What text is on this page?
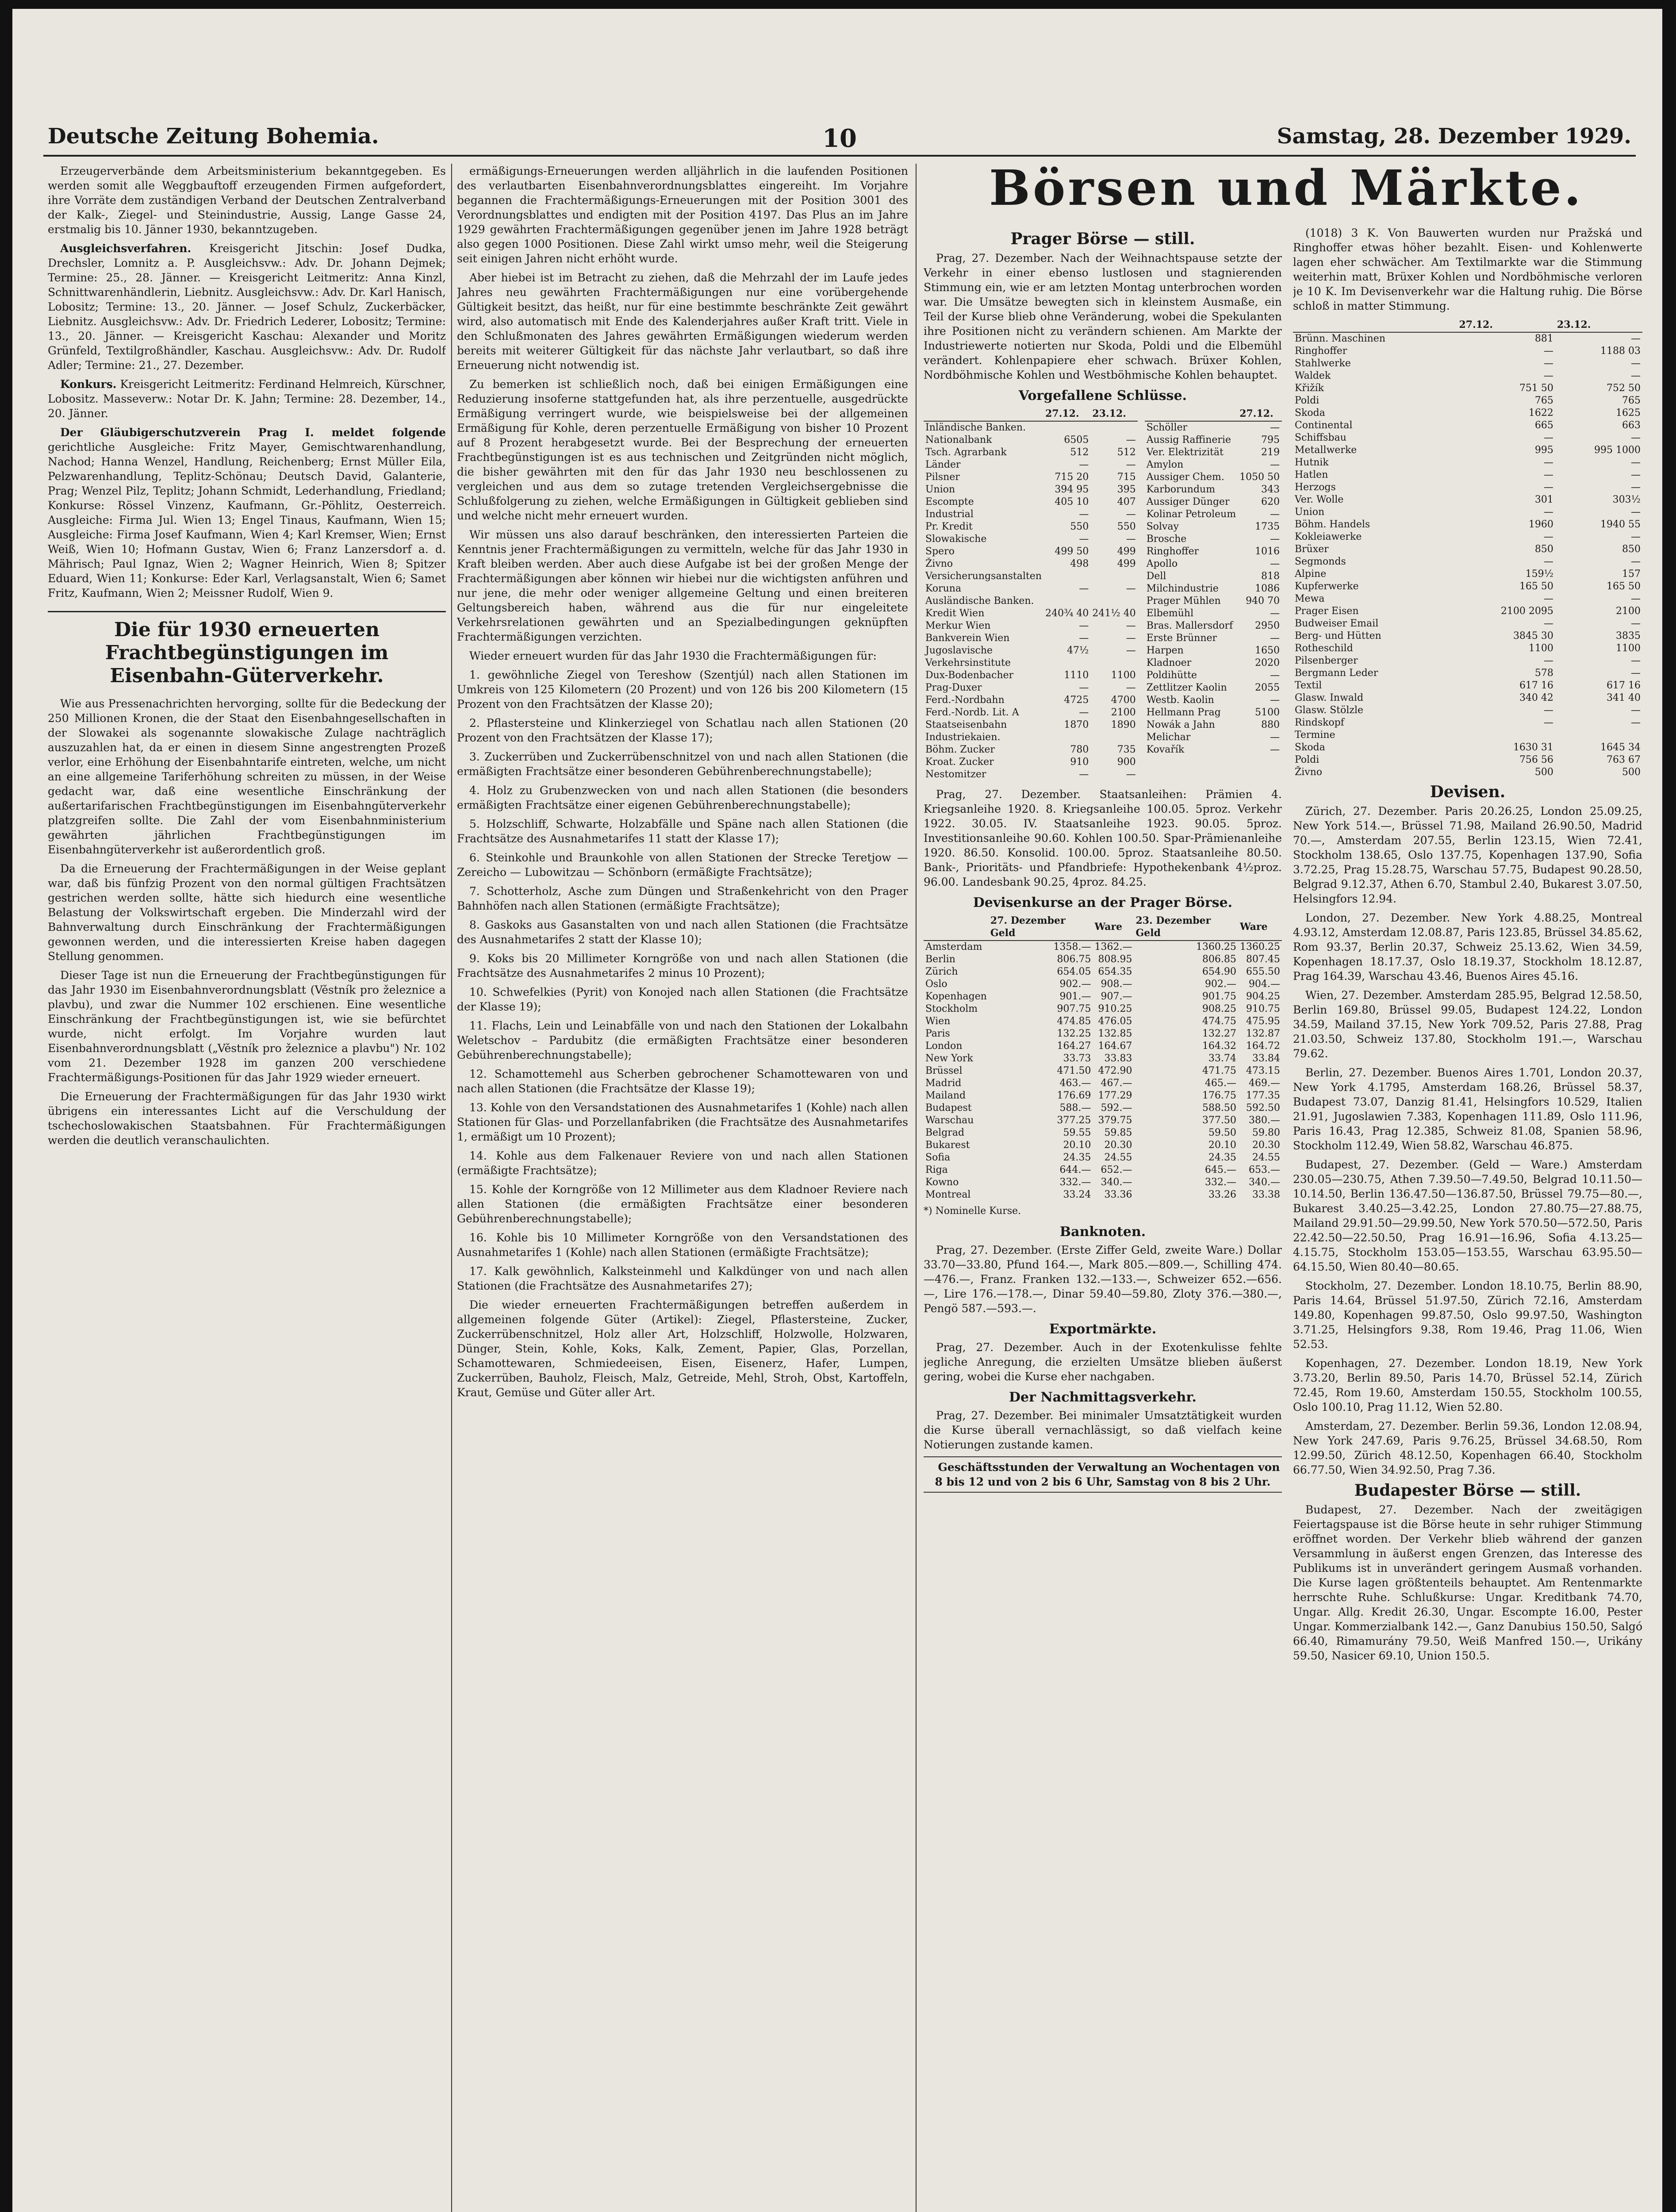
Deutsche Zeitung Bohemia.	10	Samstag, 28. Dezember 1929.

Erzeugerverbände dem Arbeitsministerium bekanntgegeben. Es werden somit alle Weggbauftoff erzeugenden Firmen aufgefordert, ihre Vorräte dem zuständigen Verband der Deutschen Zentralverband der Kalk-, Ziegel- und Steinindustrie, Aussig, Lange Gasse 24, erstmalig bis 10. Jänner 1930, bekanntzugeben.

Ausgleichsverfahren. Kreisgericht Jitschin: Josef Dudka, Drechsler, Lomnitz a. P. Ausgleichsvw.: Adv. Dr. Johann Dejmek; Termine: 25., 28. Jänner. — Kreisgericht Leitmeritz: Anna Kinzl, Schnittwarenhändlerin, Liebnitz. Ausgleichsvw.: Adv. Dr. Karl Hanisch, Lobositz; Termine: 13., 20. Jänner. — Josef Schulz, Zuckerbäcker, Liebnitz. Ausgleichsvw.: Adv. Dr. Friedrich Lederer, Lobositz; Termine: 13., 20. Jänner. — Kreisgericht Kaschau: Alexander und Moritz Grünfeld, Textilgroßhändler, Kaschau. Ausgleichsvw.: Adv. Dr. Rudolf Adler; Termine: 21., 27. Dezember.

Konkurs. Kreisgericht Leitmeritz: Ferdinand Helmreich, Kürschner, Lobositz. Masseverw.: Notar Dr. K. Jahn; Termine: 28. Dezember, 14., 20. Jänner.

Der Gläubigerschutzverein Prag I. meldet folgende gerichtliche Ausgleiche: Fritz Mayer, Gemischtwarenhandlung, Nachod; Hanna Wenzel, Handlung, Reichenberg; Ernst Müller Eila, Pelzwarenhandlung, Teplitz-Schönau; Deutsch David, Galanterie, Prag; Wenzel Pilz, Teplitz; Johann Schmidt, Lederhandlung, Friedland; Konkurse: Rössel Vinzenz, Kaufmann, Gr.-Pöhlitz, Oesterreich. Ausgleiche: Firma Jul. Wien 13; Engel Tinaus, Kaufmann, Wien 15; Ausgleiche: Firma Josef Kaufmann, Wien 4; Karl Kremser, Wien; Ernst Weiß, Wien 10; Hofmann Gustav, Wien 6; Franz Lanzersdorf a. d. Mährisch; Paul Ignaz, Wien 2; Wagner Heinrich, Wien 8; Spitzer Eduard, Wien 11; Konkurse: Eder Karl, Verlagsanstalt, Wien 6; Samet Fritz, Kaufmann, Wien 2; Meissner Rudolf, Wien 9.

Die für 1930 erneuerten Frachtbegünstigungen im Eisenbahn-Güterverkehr.

Wie aus Pressenachrichten hervorging, sollte für die Bedeckung der 250 Millionen Kronen, die der Staat den Eisenbahngesellschaften in der Slowakei als sogenannte slowakische Zulage nachträglich auszuzahlen hat, da er einen in diesem Sinne angestrengten Prozeß verlor, eine Erhöhung der Eisenbahntarife eintreten, welche, um nicht an eine allgemeine Tariferhöhung schreiten zu müssen, in der Weise gedacht war, daß eine wesentliche Einschränkung der außertarifarischen Frachtbegünstigungen im Eisenbahngüterverkehr platzgreifen sollte. Die Zahl der vom Eisenbahnministerium gewährten jährlichen Frachtbegünstigungen im Eisenbahngüterverkehr ist außerordentlich groß.

Da die Erneuerung der Frachtermäßigungen in der Weise geplant war, daß bis fünfzig Prozent von den normal gültigen Frachtsätzen gestrichen werden sollte, hätte sich hiedurch eine wesentliche Belastung der Volkswirtschaft ergeben. Die Minderzahl wird der Bahnverwaltung durch Einschränkung der Frachtermäßigungen gewonnen werden, und die interessierten Kreise haben dagegen Stellung genommen.

Dieser Tage ist nun die Erneuerung der Frachtbegünstigungen für das Jahr 1930 im Eisenbahnverordnungsblatt (Věstník pro železnice a plavbu), und zwar die Nummer 102 erschienen. Eine wesentliche Einschränkung der Frachtbegünstigungen ist, wie sie befürchtet wurde, nicht erfolgt. Im Vorjahre wurden laut Eisenbahnverordnungsblatt („Věstník pro železnice a plavbu") Nr. 102 vom 21. Dezember 1928 im ganzen 200 verschiedene Frachtermäßigungs-Positionen für das Jahr 1929 wieder erneuert.

Die Erneuerung der Frachtermäßigungen für das Jahr 1930 wirkt übrigens ein interessantes Licht auf die Verschuldung der tschechoslowakischen Staatsbahnen. Für Frachtermäßigungen werden die deutlich veranschaulichten.

ermäßigungs-Erneuerungen werden alljährlich in die laufenden Positionen des verlautbarten Eisenbahnverordnungsblattes eingereiht. Im Vorjahre begannen die Frachtermäßigungs-Erneuerungen mit der Position 3001 des Verordnungsblattes und endigten mit der Position 4197. Das Plus an im Jahre 1929 gewährten Frachtermäßigungen gegenüber jenen im Jahre 1928 beträgt also gegen 1000 Positionen. Diese Zahl wirkt umso mehr, weil die Steigerung seit einigen Jahren nicht erhöht wurde.

Aber hiebei ist im Betracht zu ziehen, daß die Mehrzahl der im Laufe jedes Jahres neu gewährten Frachtermäßigungen nur eine vorübergehende Gültigkeit besitzt, das heißt, nur für eine bestimmte beschränkte Zeit gewährt wird, also automatisch mit Ende des Kalenderjahres außer Kraft tritt. Viele in den Schlußmonaten des Jahres gewährten Ermäßigungen wiederum werden bereits mit weiterer Gültigkeit für das nächste Jahr verlautbart, so daß ihre Erneuerung nicht notwendig ist.

Zu bemerken ist schließlich noch, daß bei einigen Ermäßigungen eine Reduzierung insoferne stattgefunden hat, als ihre perzentuelle, ausgedrückte Ermäßigung verringert wurde, wie beispielsweise bei der allgemeinen Ermäßigung für Kohle, deren perzentuelle Ermäßigung von bisher 10 Prozent auf 8 Prozent herabgesetzt wurde. Bei der Besprechung der erneuerten Frachtbegünstigungen ist es aus technischen und Zeitgründen nicht möglich, die bisher gewährten mit den für das Jahr 1930 neu beschlossenen zu vergleichen und aus dem so zutage tretenden Vergleichsergebnisse die Schlußfolgerung zu ziehen, welche Ermäßigungen in Gültigkeit geblieben sind und welche nicht mehr erneuert wurden.

Wir müssen uns also darauf beschränken, den interessierten Parteien die Kenntnis jener Frachtermäßigungen zu vermitteln, welche für das Jahr 1930 in Kraft bleiben werden. Aber auch diese Aufgabe ist bei der großen Menge der Frachtermäßigungen aber können wir hiebei nur die wichtigsten anführen und nur jene, die mehr oder weniger allgemeine Geltung und einen breiteren Geltungsbereich haben, während aus die für nur eingeleitete Verkehrsrelationen gewährten und an Spezialbedingungen geknüpften Frachtermäßigungen verzichten.

Wieder erneuert wurden für das Jahr 1930 die Frachtermäßigungen für:

1. gewöhnliche Ziegel von Tereshow (Szentjúl) nach allen Stationen im Umkreis von 125 Kilometern (20 Prozent) und von 126 bis 200 Kilometern (15 Prozent von den Frachtsätzen der Klasse 20);

2. Pflastersteine und Klinkerziegel von Schatlau nach allen Stationen (20 Prozent von den Frachtsätzen der Klasse 17);

3. Zuckerrüben und Zuckerrübenschnitzel von und nach allen Stationen (die ermäßigten Frachtsätze einer besonderen Gebührenberechnungstabelle);

4. Holz zu Grubenzwecken von und nach allen Stationen (die besonders ermäßigten Frachtsätze einer eigenen Gebührenberechnungstabelle);

5. Holzschliff, Schwarte, Holzabfälle und Späne nach allen Stationen (die Frachtsätze des Ausnahmetarifes 11 statt der Klasse 17);

6. Steinkohle und Braunkohle von allen Stationen der Strecke Teretjow — Zereicho — Lubowitzau — Schönborn (ermäßigte Frachtsätze);

7. Schotterholz, Asche zum Düngen und Straßenkehricht von den Prager Bahnhöfen nach allen Stationen (ermäßigte Frachtsätze);

8. Gaskoks aus Gasanstalten von und nach allen Stationen (die Frachtsätze des Ausnahmetarifes 2 statt der Klasse 10);

9. Koks bis 20 Millimeter Korngröße von und nach allen Stationen (die Frachtsätze des Ausnahmetarifes 2 minus 10 Prozent);

10. Schwefelkies (Pyrit) von Konojed nach allen Stationen (die Frachtsätze der Klasse 19);

11. Flachs, Lein und Leinabfälle von und nach den Stationen der Lokalbahn Weletschov – Pardubitz (die ermäßigten Frachtsätze einer besonderen Gebührenberechnungstabelle);

12. Schamottemehl aus Scherben gebrochener Schamottewaren von und nach allen Stationen (die Frachtsätze der Klasse 19);

13. Kohle von den Versandstationen des Ausnahmetarifes 1 (Kohle) nach allen Stationen für Glas- und Porzellanfabriken (die Frachtsätze des Ausnahmetarifes 1, ermäßigt um 10 Prozent);

14. Kohle aus dem Falkenauer Reviere von und nach allen Stationen (ermäßigte Frachtsätze);

15. Kohle der Korngröße von 12 Millimeter aus dem Kladnoer Reviere nach allen Stationen (die ermäßigten Frachtsätze einer besonderen Gebührenberechnungstabelle);

16. Kohle bis 10 Millimeter Korngröße von den Versandstationen des Ausnahmetarifes 1 (Kohle) nach allen Stationen (ermäßigte Frachtsätze);

17. Kalk gewöhnlich, Kalksteinmehl und Kalkdünger von und nach allen Stationen (die Frachtsätze des Ausnahmetarifes 27);

Die wieder erneuerten Frachtermäßigungen betreffen außerdem in allgemeinen folgende Güter (Artikel): Ziegel, Pflastersteine, Zucker, Zuckerrübenschnitzel, Holz aller Art, Holzschliff, Holzwolle, Holzwaren, Dünger, Stein, Kohle, Koks, Kalk, Zement, Papier, Glas, Porzellan, Schamottewaren, Schmiedeeisen, Eisen, Eisenerz, Hafer, Lumpen, Zuckerrüben, Bauholz, Fleisch, Malz, Getreide, Mehl, Stroh, Obst, Kartoffeln, Kraut, Gemüse und Güter aller Art.

Börsen und Märkte.
Prager Börse — still.

Prag, 27. Dezember. Nach der Weihnachtspause setzte der Verkehr in einer ebenso lustlosen und stagnierenden Stimmung ein, wie er am letzten Montag unterbrochen worden war. Die Umsätze bewegten sich in kleinstem Ausmaße, ein Teil der Kurse blieb ohne Veränderung, wobei die Spekulanten ihre Positionen nicht zu verändern schienen. Am Markte der Industriewerte notierten nur Skoda, Poldi und die Elbemühl verändert. Kohlenpapiere eher schwach. Brüxer Kohlen, Nordböhmische Kohlen und Westböhmische Kohlen behauptet.

Vorgefallene Schlüsse.
	27.12.	23.12.
Inländische Banken.		
Nationalbank	6505	—
Tsch. Agrarbank	512	512
Länder	—	—
Pilsner	715 20	715
Union	394 95	395
Escompte	405 10	407
Industrial	—	—
Pr. Kredit	550	550
Slowakische	—	—
Spero	499 50	499
Živno	498	499
Versicherungsanstalten		
Koruna	—	—
Ausländische Banken.		
Kredit Wien	240¾ 40	241½ 40
Merkur Wien	—	—
Bankverein Wien	—	—
Jugoslavische	47½	—
Verkehrsinstitute		
Dux-Bodenbacher	1110	1100
Prag-Duxer	—	—
Ferd.-Nordbahn	4725	4700
Ferd.-Nordb. Lit. A	—	2100
Staatseisenbahn	1870	1890
Industriekaien.		
Böhm. Zucker	780	735
Kroat. Zucker	910	900
Nestomitzer	—	—
	27.12.	
Schöller	—	
Aussig Raffinerie	795	
Ver. Elektrizität	219	
Amylon	—	
Aussiger Chem.	1050 50	
Karborundum	343	
Aussiger Dünger	620	
Kolinar Petroleum	—	
Solvay	1735	
Brosche	—	
Ringhoffer	1016	
Apollo	—	
Dell	818	
Milchindustrie	1086	
Prager Mühlen	940 70	
Elbemühl	—	
Bras. Mallersdorf	2950	
Erste Brünner	—	
Harpen	1650	
Kladnoer	2020	
Poldihütte	—	
Zettlitzer Kaolin	2055	
Westb. Kaolin	—	
Hellmann Prag	5100	
Nowák a Jahn	880	
Melichar	—	
Kovařík	—	

Prag, 27. Dezember. Staatsanleihen: Prämien 4. Kriegsanleihe 1920. 8. Kriegsanleihe 100.05. 5proz. Verkehr 1922. 30.05. IV. Staatsanleihe 1923. 90.05. 5proz. Investitionsanleihe 90.60. Kohlen 100.50. Spar-Prämienanleihe 1920. 86.50. Konsolid. 100.00. 5proz. Staatsanleihe 80.50. Bank-, Prioritäts- und Pfandbriefe: Hypothekenbank 4½proz. 96.00. Landesbank 90.25, 4proz. 84.25.

Devisenkurse an der Prager Börse.
	27. Dezember Geld	Ware	23. Dezember Geld	Ware
Amsterdam	1358.—	1362.—	1360.25	1360.25
Berlin	806.75	808.95	806.85	807.45
Zürich	654.05	654.35	654.90	655.50
Oslo	902.—	908.—	902.—	904.—
Kopenhagen	901.—	907.—	901.75	904.25
Stockholm	907.75	910.25	908.25	910.75
Wien	474.85	476.05	474.75	475.95
Paris	132.25	132.85	132.27	132.87
London	164.27	164.67	164.32	164.72
New York	33.73	33.83	33.74	33.84
Brüssel	471.50	472.90	471.75	473.15
Madrid	463.—	467.—	465.—	469.—
Mailand	176.69	177.29	176.75	177.35
Budapest	588.—	592.—	588.50	592.50
Warschau	377.25	379.75	377.50	380.—
Belgrad	59.55	59.85	59.50	59.80
Bukarest	20.10	20.30	20.10	20.30
Sofia	24.35	24.55	24.35	24.55
Riga	644.—	652.—	645.—	653.—
Kowno	332.—	340.—	332.—	340.—
Montreal	33.24	33.36	33.26	33.38
*) Nominelle Kurse.
Banknoten.

Prag, 27. Dezember. (Erste Ziffer Geld, zweite Ware.) Dollar 33.70—33.80, Pfund 164.—, Mark 805.—809.—, Schilling 474.—476.—, Franz. Franken 132.—133.—, Schweizer 652.—656.—, Lire 176.—178.—, Dinar 59.40—59.80, Zloty 376.—380.—, Pengö 587.—593.—.

Exportmärkte.

Prag, 27. Dezember. Auch in der Exotenkulisse fehlte jegliche Anregung, die erzielten Umsätze blieben äußerst gering, wobei die Kurse eher nachgaben.

Der Nachmittagsverkehr.

Prag, 27. Dezember. Bei minimaler Umsatztätigkeit wurden die Kurse überall vernachlässigt, so daß vielfach keine Notierungen zustande kamen.

Geschäftsstunden der Verwaltung an Wochentagen von 8 bis 12 und von 2 bis 6 Uhr, Samstag von 8 bis 2 Uhr.

(1018) 3 K. Von Bauwerten wurden nur Pražská und Ringhoffer etwas höher bezahlt. Eisen- und Kohlenwerte lagen eher schwächer. Am Textilmarkte war die Stimmung weiterhin matt, Brüxer Kohlen und Nordböhmische verloren je 10 K. Im Devisenverkehr war die Haltung ruhig. Die Börse schloß in matter Stimmung.

	27.12.	23.12.
Brünn. Maschinen	881	—
Ringhoffer	—	1188 03
Stahlwerke	—	—
Waldek	—	—
Křižík	751 50	752 50
Poldi	765	765
Skoda	1622	1625
Continental	665	663
Schiffsbau	—	—
Metallwerke	995	995 1000
Hutnik	—	—
Hatlen	—	—
Herzogs	—	—
Ver. Wolle	301	303½
Union	—	—
Böhm. Handels	1960	1940 55
Kokleiawerke	—	—
Brüxer	850	850
Segmonds	—	—
Alpine	159½	157
Kupferwerke	165 50	165 50
Mewa	—	—
Prager Eisen	2100 2095	2100
Budweiser Email	—	—
Berg- und Hütten	3845 30	3835
Rotheschild	1100	1100
Pilsenberger	—	—
Bergmann Leder	578	—
Textil	617 16	617 16
Glasw. Inwald	340 42	341 40
Glasw. Stölzle	—	—
Rindskopf	—	—
Termine		
Skoda	1630 31	1645 34
Poldi	756 56	763 67
Živno	500	500
Devisen.

Zürich, 27. Dezember. Paris 20.26.25, London 25.09.25, New York 514.—, Brüssel 71.98, Mailand 26.90.50, Madrid 70.—, Amsterdam 207.55, Berlin 123.15, Wien 72.41, Stockholm 138.65, Oslo 137.75, Kopenhagen 137.90, Sofia 3.72.25, Prag 15.28.75, Warschau 57.75, Budapest 90.28.50, Belgrad 9.12.37, Athen 6.70, Stambul 2.40, Bukarest 3.07.50, Helsingfors 12.94.

London, 27. Dezember. New York 4.88.25, Montreal 4.93.12, Amsterdam 12.08.87, Paris 123.85, Brüssel 34.85.62, Rom 93.37, Berlin 20.37, Schweiz 25.13.62, Wien 34.59, Kopenhagen 18.17.37, Oslo 18.19.37, Stockholm 18.12.87, Prag 164.39, Warschau 43.46, Buenos Aires 45.16.

Wien, 27. Dezember. Amsterdam 285.95, Belgrad 12.58.50, Berlin 169.80, Brüssel 99.05, Budapest 124.22, London 34.59, Mailand 37.15, New York 709.52, Paris 27.88, Prag 21.03.50, Schweiz 137.80, Stockholm 191.—, Warschau 79.62.

Berlin, 27. Dezember. Buenos Aires 1.701, London 20.37, New York 4.1795, Amsterdam 168.26, Brüssel 58.37, Budapest 73.07, Danzig 81.41, Helsingfors 10.529, Italien 21.91, Jugoslawien 7.383, Kopenhagen 111.89, Oslo 111.96, Paris 16.43, Prag 12.385, Schweiz 81.08, Spanien 58.96, Stockholm 112.49, Wien 58.82, Warschau 46.875.

Budapest, 27. Dezember. (Geld — Ware.) Amsterdam 230.05—230.75, Athen 7.39.50—7.49.50, Belgrad 10.11.50—10.14.50, Berlin 136.47.50—136.87.50, Brüssel 79.75—80.—, Bukarest 3.40.25—3.42.25, London 27.80.75—27.88.75, Mailand 29.91.50—29.99.50, New York 570.50—572.50, Paris 22.42.50—22.50.50, Prag 16.91—16.96, Sofia 4.13.25—4.15.75, Stockholm 153.05—153.55, Warschau 63.95.50—64.15.50, Wien 80.40—80.65.

Stockholm, 27. Dezember. London 18.10.75, Berlin 88.90, Paris 14.64, Brüssel 51.97.50, Zürich 72.16, Amsterdam 149.80, Kopenhagen 99.87.50, Oslo 99.97.50, Washington 3.71.25, Helsingfors 9.38, Rom 19.46, Prag 11.06, Wien 52.53.

Kopenhagen, 27. Dezember. London 18.19, New York 3.73.20, Berlin 89.50, Paris 14.70, Brüssel 52.14, Zürich 72.45, Rom 19.60, Amsterdam 150.55, Stockholm 100.55, Oslo 100.10, Prag 11.12, Wien 52.80.

Amsterdam, 27. Dezember. Berlin 59.36, London 12.08.94, New York 247.69, Paris 9.76.25, Brüssel 34.68.50, Rom 12.99.50, Zürich 48.12.50, Kopenhagen 66.40, Stockholm 66.77.50, Wien 34.92.50, Prag 7.36.

Budapester Börse — still.

Budapest, 27. Dezember. Nach der zweitägigen Feiertagspause ist die Börse heute in sehr ruhiger Stimmung eröffnet worden. Der Verkehr blieb während der ganzen Versammlung in äußerst engen Grenzen, das Interesse des Publikums ist in unverändert geringem Ausmaß vorhanden. Die Kurse lagen größtenteils behauptet. Am Rentenmarkte herrschte Ruhe. Schlußkurse: Ungar. Kreditbank 74.70, Ungar. Allg. Kredit 26.30, Ungar. Escompte 16.00, Pester Ungar. Kommerzialbank 142.—, Ganz Danubius 150.50, Salgó 66.40, Rimamurány 79.50, Weiß Manfred 150.—, Urikány 59.50, Nasicer 69.10, Union 150.5.
